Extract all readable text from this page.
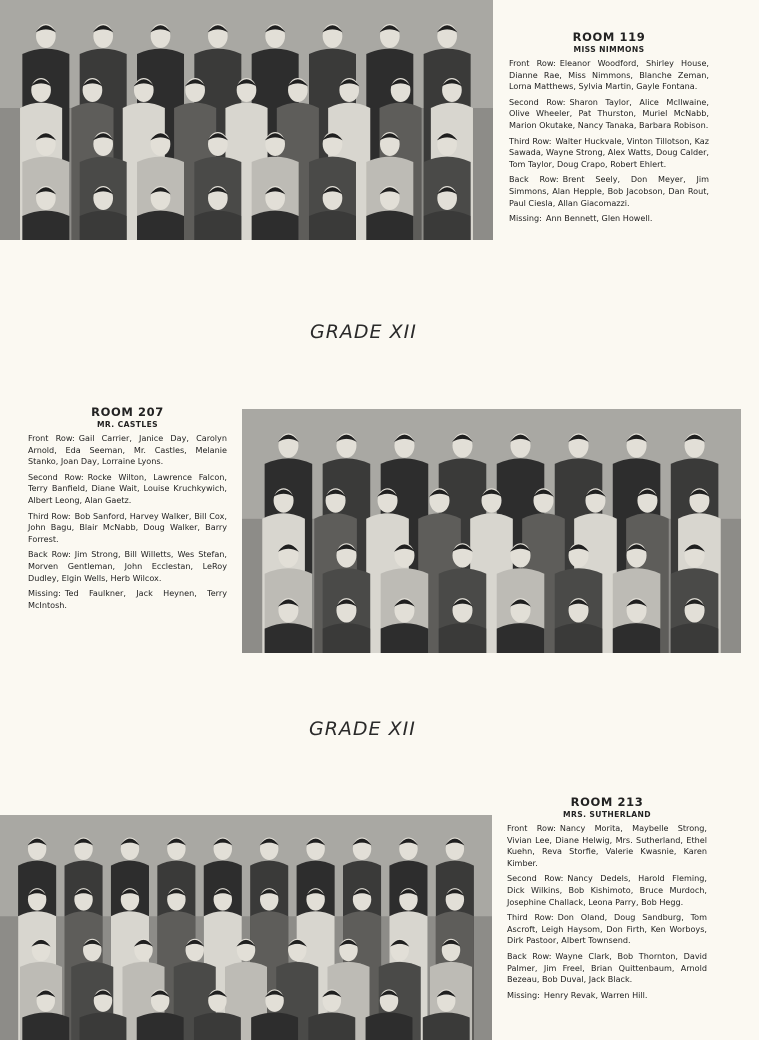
ROOM 119
MISS NIMMONS

Front Row: Eleanor Woodford, Shirley House, Dianne Rae, Miss Nimmons, Blanche Zeman, Lorna Matthews, Sylvia Martin, Gayle Fontana.

Second Row: Sharon Taylor, Alice McIlwaine, Olive Wheeler, Pat Thurston, Muriel McNabb, Marion Okutake, Nancy Tanaka, Barbara Robison.

Third Row: Walter Huckvale, Vinton Tillotson, Kaz Sawada, Wayne Strong, Alex Watts, Doug Calder, Tom Taylor, Doug Crapo, Robert Ehlert.

Back Row: Brent Seely, Don Meyer, Jim Simmons, Alan Hepple, Bob Jacobson, Dan Rout, Paul Ciesla, Allan Giacomazzi.

Missing: Ann Bennett, Glen Howell.

GRADE XII
ROOM 207
MR. CASTLES

Front Row: Gail Carrier, Janice Day, Carolyn Arnold, Eda Seeman, Mr. Castles, Melanie Stanko, Joan Day, Lorraine Lyons.

Second Row: Rocke Wilton, Lawrence Falcon, Terry Banfield, Diane Wait, Louise Kruchkywich, Albert Leong, Alan Gaetz.

Third Row: Bob Sanford, Harvey Walker, Bill Cox, John Bagu, Blair McNabb, Doug Walker, Barry Forrest.

Back Row: Jim Strong, Bill Willetts, Wes Stefan, Morven Gentleman, John Ecclestan, LeRoy Dudley, Elgin Wells, Herb Wilcox.

Missing: Ted Faulkner, Jack Heynen, Terry McIntosh.

GRADE XII
ROOM 213
MRS. SUTHERLAND

Front Row: Nancy Morita, Maybelle Strong, Vivian Lee, Diane Helwig, Mrs. Sutherland, Ethel Kuehn, Reva Storfie, Valerie Kwasnie, Karen Kimber.

Second Row: Nancy Dedels, Harold Fleming, Dick Wilkins, Bob Kishimoto, Bruce Murdoch, Josephine Challack, Leona Parry, Bob Hegg.

Third Row: Don Oland, Doug Sandburg, Tom Ascroft, Leigh Haysom, Don Firth, Ken Worboys, Dirk Pastoor, Albert Townsend.

Back Row: Wayne Clark, Bob Thornton, David Palmer, Jim Freel, Brian Quittenbaum, Arnold Bezeau, Bob Duval, Jack Black.

Missing: Henry Revak, Warren Hill.
